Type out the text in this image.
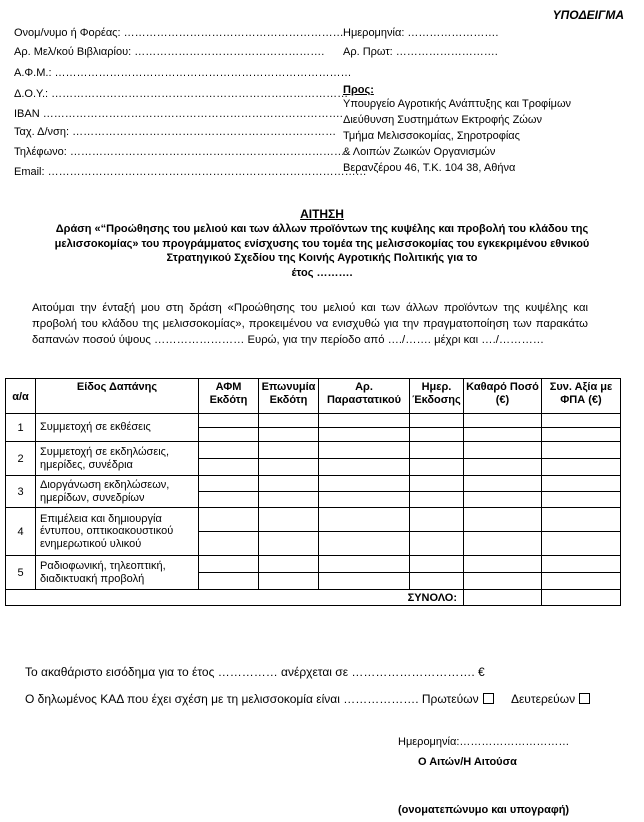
ΥΠΟΔΕΙΓΜΑ
Ονομ/νυμο ή Φορέας: ……………………………………………………
Αρ. Μελ/κού Βιβλιαρίου: …………………………………………….
Α.Φ.Μ.: ………………………………………………………………………
Δ.Ο.Υ.: ………………………………………………………………………
IBAN ……………………………………………………………………….
Ταχ. Δ/νση: ………………………………………………………………
Τηλέφωνο: …………………………………………………………………
Email: ……………………………………………………………………………
Ημερομηνία: …………………….
Αρ. Πρωτ: ……………………….
Προς:
Υπουργείο Αγροτικής Ανάπτυξης και Τροφίμων
Διεύθυνση Συστημάτων Εκτροφής Ζώων
Τμήμα Μελισσοκομίας, Σηροτροφίας
& Λοιπών Ζωικών Οργανισμών
Βερανζέρου 46, Τ.Κ. 104 38, Αθήνα
ΑΙΤΗΣΗ
Δράση «“Προώθησης του μελιού και των άλλων προϊόντων της κυψέλης και προβολή του κλάδου της
μελισσοκομίας» του προγράμματος ενίσχυσης του τομέα της μελισσοκομίας του εγκεκριμένου εθνικού
Στρατηγικού Σχεδίου της Κοινής Αγροτικής Πολιτικής για το
έτος ……….
Αιτούμαι την ένταξή μου στη δράση «Προώθησης του μελιού και των άλλων προϊόντων της κυψέλης και προβολή του κλάδου της μελισσοκομίας», προκειμένου να ενισχυθώ για την πραγματοποίηση των παρακάτω δαπανών ποσού ύψους …………………… Ευρώ, για την περίοδο από …./……. μέχρι και …./…………
α/α	Είδος Δαπάνης	ΑΦΜ Εκδότη	Επωνυμία Εκδότη	Αρ. Παραστατικού	Ημερ. Έκδοσης	Καθαρό Ποσό (€)	Συν. Αξία με ΦΠΑ (€)
1	Συμμετοχή σε εκθέσεις						

2	Συμμετοχή σε εκδηλώσεις, ημερίδες, συνέδρια						

3	Διοργάνωση εκδηλώσεων, ημερίδων, συνεδρίων						

4	Επιμέλεια και δημιουργία έντυπου, οπτικοακουστικού ενημερωτικού υλικού						

5	Ραδιοφωνική, τηλεοπτική, διαδικτυακή προβολή						

ΣΥΝΟΛΟ:							
Το ακαθάριστο εισόδημα για το έτος …………… ανέρχεται σε …………………………. €
Ο δηλωμένος ΚΑΔ που έχει σχέση με τη μελισσοκομία είναι ………………. Πρωτεύων	Δευτερεύων
Ημερομηνία:…………………………
Ο Αιτών/Η Αιτούσα
(ονοματεπώνυμο και υπογραφή)
